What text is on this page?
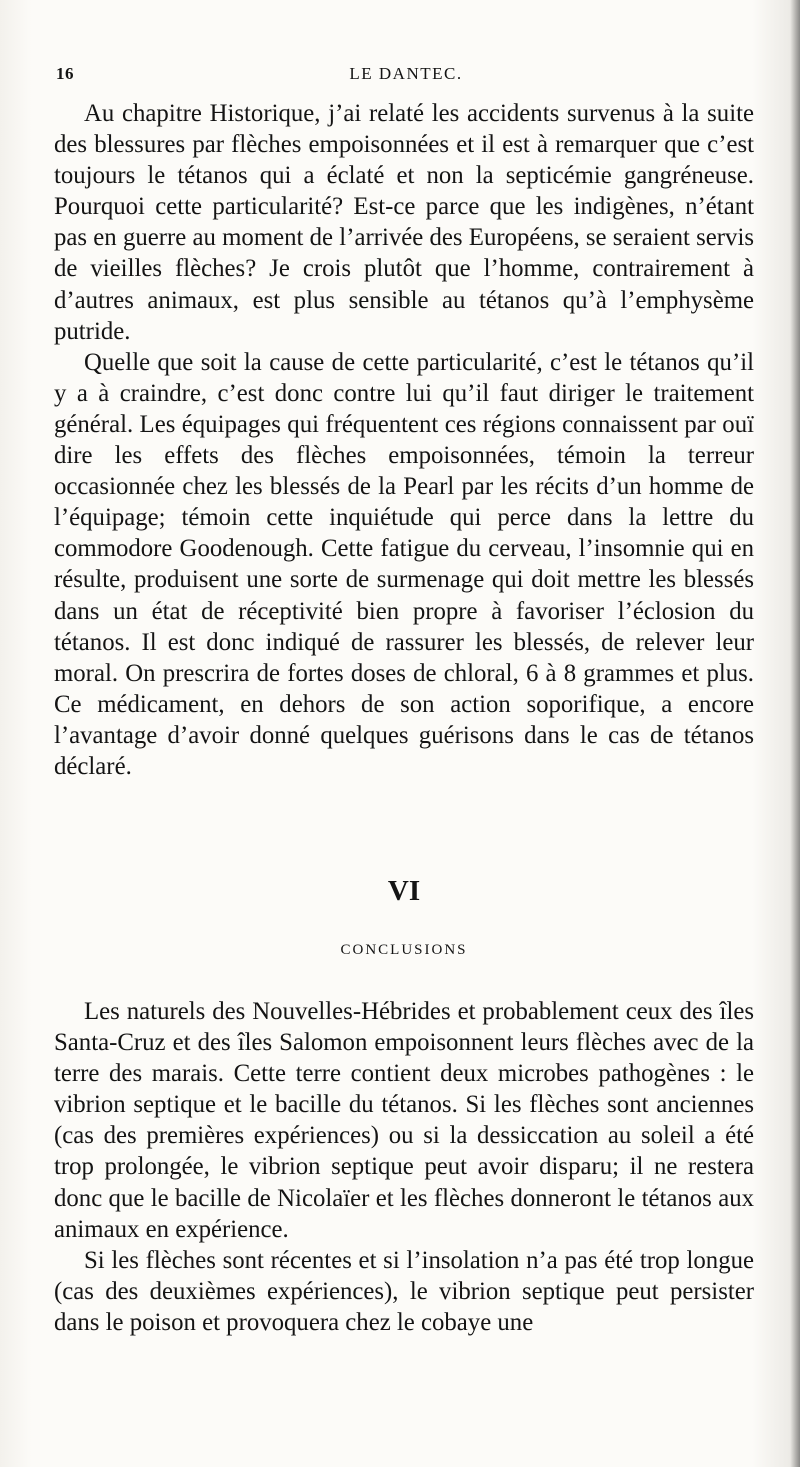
16	LE DANTEC.

Au chapitre Historique, j’ai relaté les accidents survenus à la suite des blessures par flèches empoisonnées et il est à remarquer que c’est toujours le tétanos qui a éclaté et non la septicémie gangréneuse. Pourquoi cette particularité? Est-ce parce que les indigènes, n’étant pas en guerre au moment de l’arrivée des Européens, se seraient servis de vieilles flèches? Je crois plutôt que l’homme, contrairement à d’autres animaux, est plus sensible au tétanos qu’à l’emphysème putride.

Quelle que soit la cause de cette particularité, c’est le tétanos qu’il y a à craindre, c’est donc contre lui qu’il faut diriger le traitement général. Les équipages qui fréquentent ces régions connaissent par ouï dire les effets des flèches empoisonnées, témoin la terreur occasionnée chez les blessés de la Pearl par les récits d’un homme de l’équipage; témoin cette inquiétude qui perce dans la lettre du commodore Goodenough. Cette fatigue du cerveau, l’insomnie qui en résulte, produisent une sorte de surmenage qui doit mettre les blessés dans un état de réceptivité bien propre à favoriser l’éclosion du tétanos. Il est donc indiqué de rassurer les blessés, de relever leur moral. On prescrira de fortes doses de chloral, 6 à 8 grammes et plus. Ce médicament, en dehors de son action soporifique, a encore l’avantage d’avoir donné quelques guérisons dans le cas de tétanos déclaré.

VI
CONCLUSIONS

Les naturels des Nouvelles-Hébrides et probablement ceux des îles Santa-Cruz et des îles Salomon empoisonnent leurs flèches avec de la terre des marais. Cette terre contient deux microbes pathogènes : le vibrion septique et le bacille du tétanos. Si les flèches sont anciennes (cas des premières expériences) ou si la dessiccation au soleil a été trop prolongée, le vibrion septique peut avoir disparu; il ne restera donc que le bacille de Nicolaïer et les flèches donneront le tétanos aux animaux en expérience.

Si les flèches sont récentes et si l’insolation n’a pas été trop longue (cas des deuxièmes expériences), le vibrion septique peut persister dans le poison et provoquera chez le cobaye une
